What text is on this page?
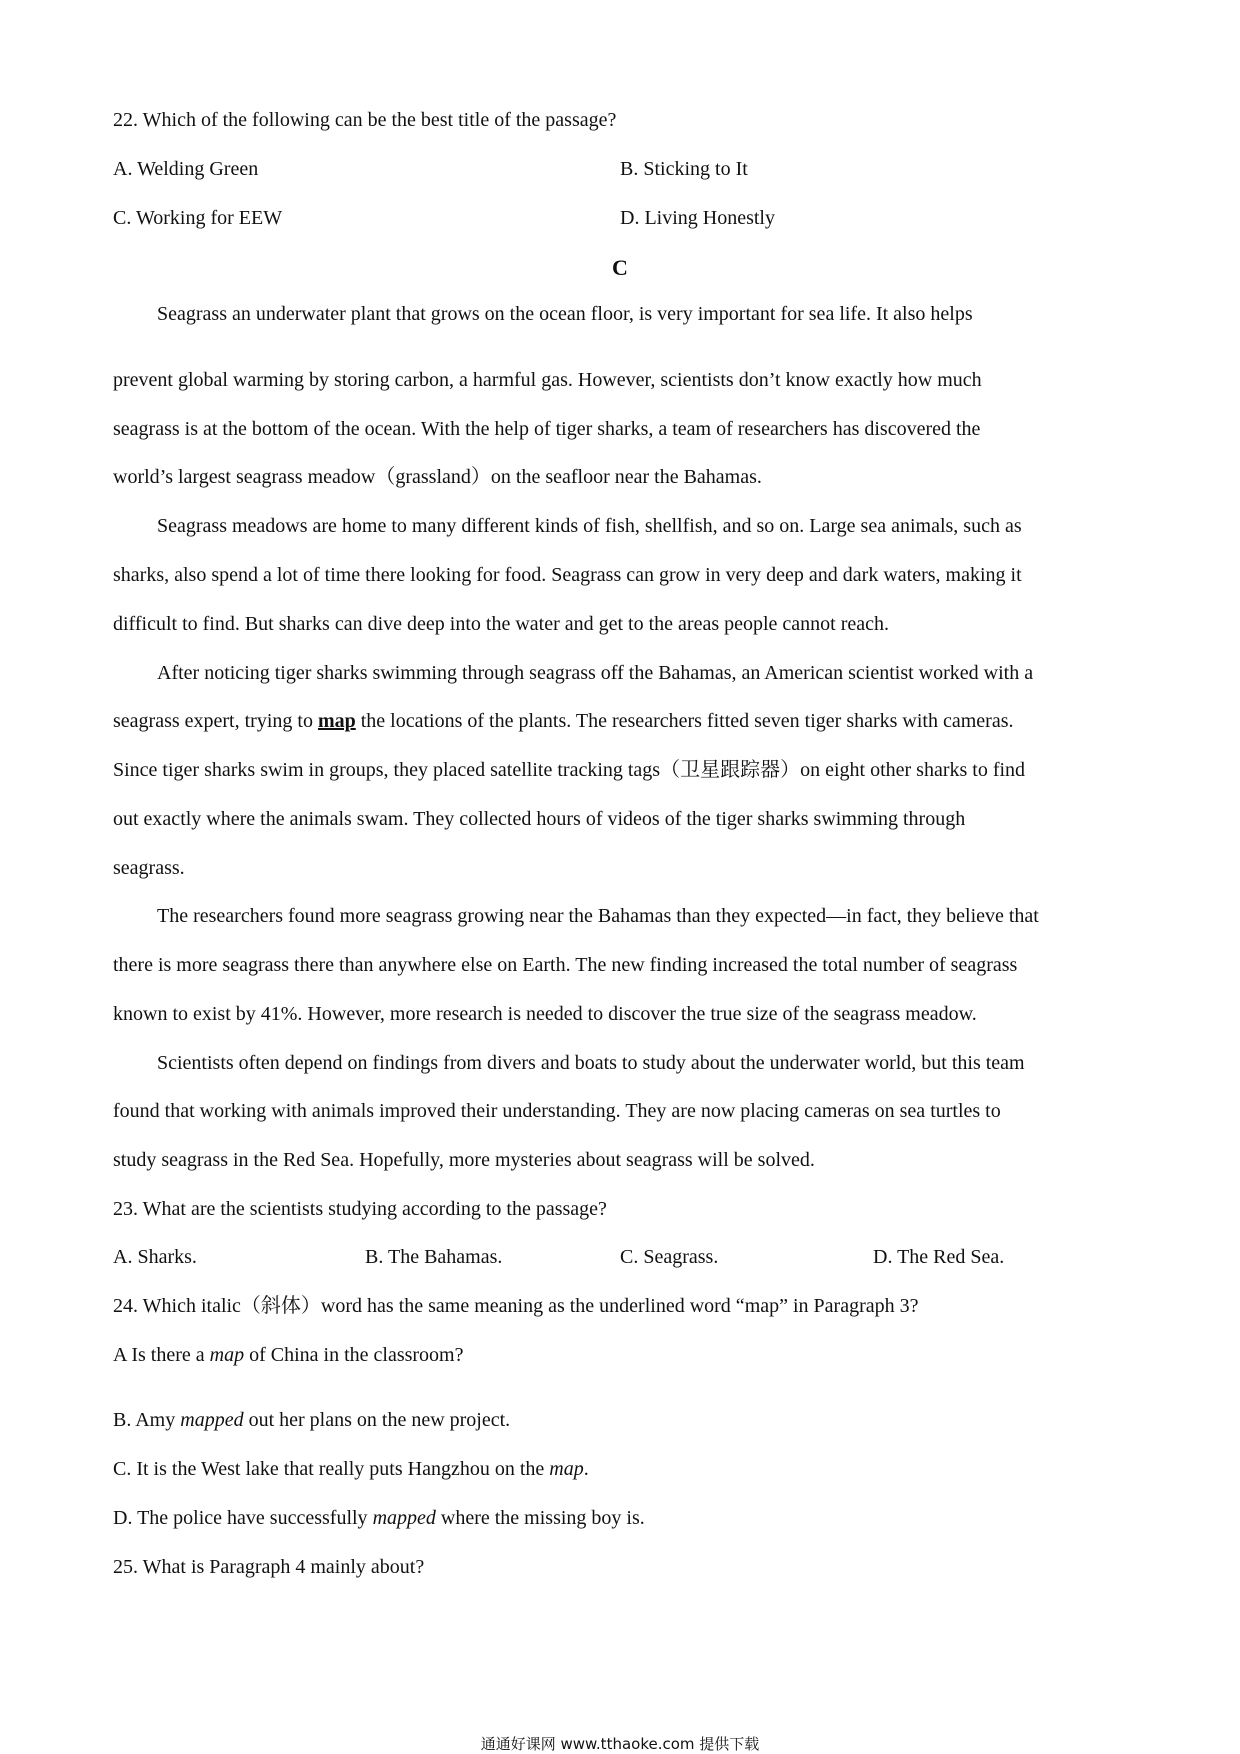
22. Which of the following can be the best title of the passage?
A. Welding Green	B. Sticking to It
C. Working for EEW	D. Living Honestly
C
Seagrass an underwater plant that grows on the ocean floor, is very important for sea life. It also helps
prevent global warming by storing carbon, a harmful gas. However, scientists don’t know exactly how much
seagrass is at the bottom of the ocean. With the help of tiger sharks, a team of researchers has discovered the
world’s largest seagrass meadow（grassland）on the seafloor near the Bahamas.
Seagrass meadows are home to many different kinds of fish, shellfish, and so on. Large sea animals, such as
sharks, also spend a lot of time there looking for food. Seagrass can grow in very deep and dark waters, making it
difficult to find. But sharks can dive deep into the water and get to the areas people cannot reach.
After noticing tiger sharks swimming through seagrass off the Bahamas, an American scientist worked with a
seagrass expert, trying to map the locations of the plants. The researchers fitted seven tiger sharks with cameras.
Since tiger sharks swim in groups, they placed satellite tracking tags（卫星跟踪器）on eight other sharks to find
out exactly where the animals swam. They collected hours of videos of the tiger sharks swimming through
seagrass.
The researchers found more seagrass growing near the Bahamas than they expected—in fact, they believe that
there is more seagrass there than anywhere else on Earth. The new finding increased the total number of seagrass
known to exist by 41%. However, more research is needed to discover the true size of the seagrass meadow.
Scientists often depend on findings from divers and boats to study about the underwater world, but this team
found that working with animals improved their understanding. They are now placing cameras on sea turtles to
study seagrass in the Red Sea. Hopefully, more mysteries about seagrass will be solved.
23. What are the scientists studying according to the passage?
A. Sharks.	B. The Bahamas.	C. Seagrass.	D. The Red Sea.
24. Which italic（斜体）word has the same meaning as the underlined word “map” in Paragraph 3?
A Is there a map of China in the classroom?
B. Amy mapped out her plans on the new project.
C. It is the West lake that really puts Hangzhou on the map.
D. The police have successfully mapped where the missing boy is.
25. What is Paragraph 4 mainly about?
通通好课网 www.tthaoke.com 提供下载
